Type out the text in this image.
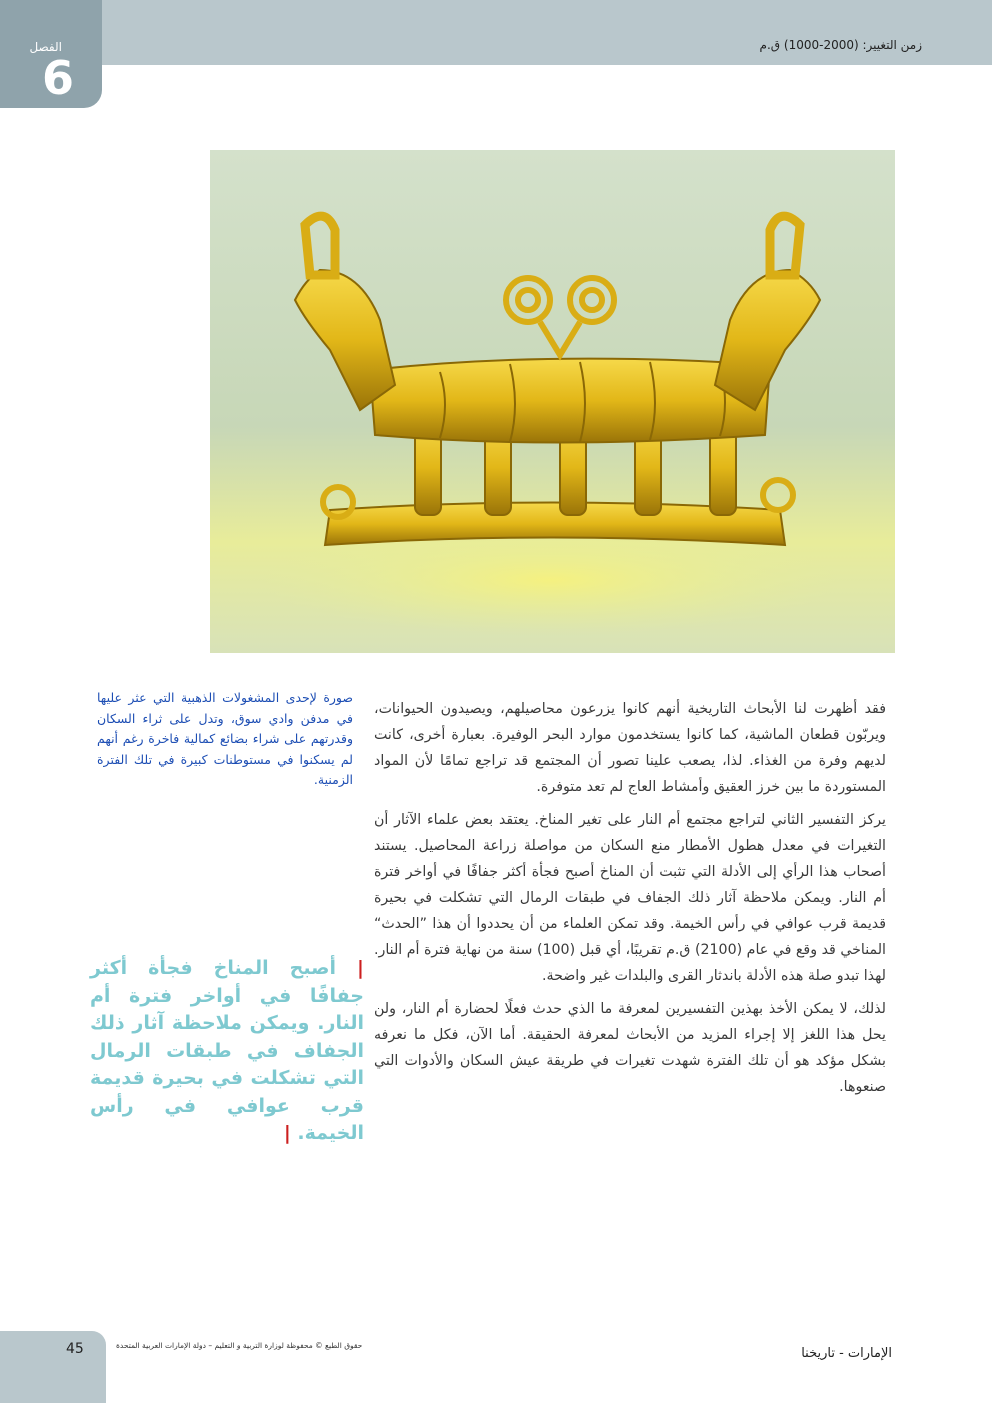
الفصل
6
زمن التغيير: (2000-1000) ق.م
صورة لإحدى المشغولات الذهبية التي عثر عليها في مدفن وادي سوق، وتدل على ثراء السكان وقدرتهم على شراء بضائع كمالية فاخرة رغم أنهم لم يسكنوا في مستوطنات كبيرة في تلك الفترة الزمنية.
| أصبح المناخ فجأة أكثر جفافًا في أواخر فترة أم النار. ويمكن ملاحظة آثار ذلك الجفاف في طبقات الرمال التي تشكلت في بحيرة قديمة قرب عوافي في رأس الخيمة. |

فقد أظهرت لنا الأبحاث التاريخية أنهم كانوا يزرعون محاصيلهم، ويصيدون الحيوانات، ويربّون قطعان الماشية، كما كانوا يستخدمون موارد البحر الوفيرة. بعبارة أخرى، كانت لديهم وفرة من الغذاء. لذا، يصعب علينا تصور أن المجتمع قد تراجع تمامًا لأن المواد المستوردة ما بين خرز العقيق وأمشاط العاج لم تعد متوفرة.

يركز التفسير الثاني لتراجع مجتمع أم النار على تغير المناخ. يعتقد بعض علماء الآثار أن التغيرات في معدل هطول الأمطار منع السكان من مواصلة زراعة المحاصيل. يستند أصحاب هذا الرأي إلى الأدلة التي تثبت أن المناخ أصبح فجأة أكثر جفافًا في أواخر فترة أم النار. ويمكن ملاحظة آثار ذلك الجفاف في طبقات الرمال التي تشكلت في بحيرة قديمة قرب عوافي في رأس الخيمة. وقد تمكن العلماء من أن يحددوا أن هذا ”الحدث“ المناخي قد وقع في عام (2100) ق.م تقريبًا، أي قبل (100) سنة من نهاية فترة أم النار. لهذا تبدو صلة هذه الأدلة باندثار القرى والبلدات غير واضحة.

لذلك، لا يمكن الأخذ بهذين التفسيرين لمعرفة ما الذي حدث فعلًا لحضارة أم النار، ولن يحل هذا اللغز إلا إجراء المزيد من الأبحاث لمعرفة الحقيقة. أما الآن، فكل ما نعرفه بشكل مؤكد هو أن تلك الفترة شهدت تغيرات في طريقة عيش السكان والأدوات التي صنعوها.

45	حقوق الطبع © محفوظة لوزارة التربية و التعليم – دولة الإمارات العربية المتحدة
الإمارات - تاريخنا
